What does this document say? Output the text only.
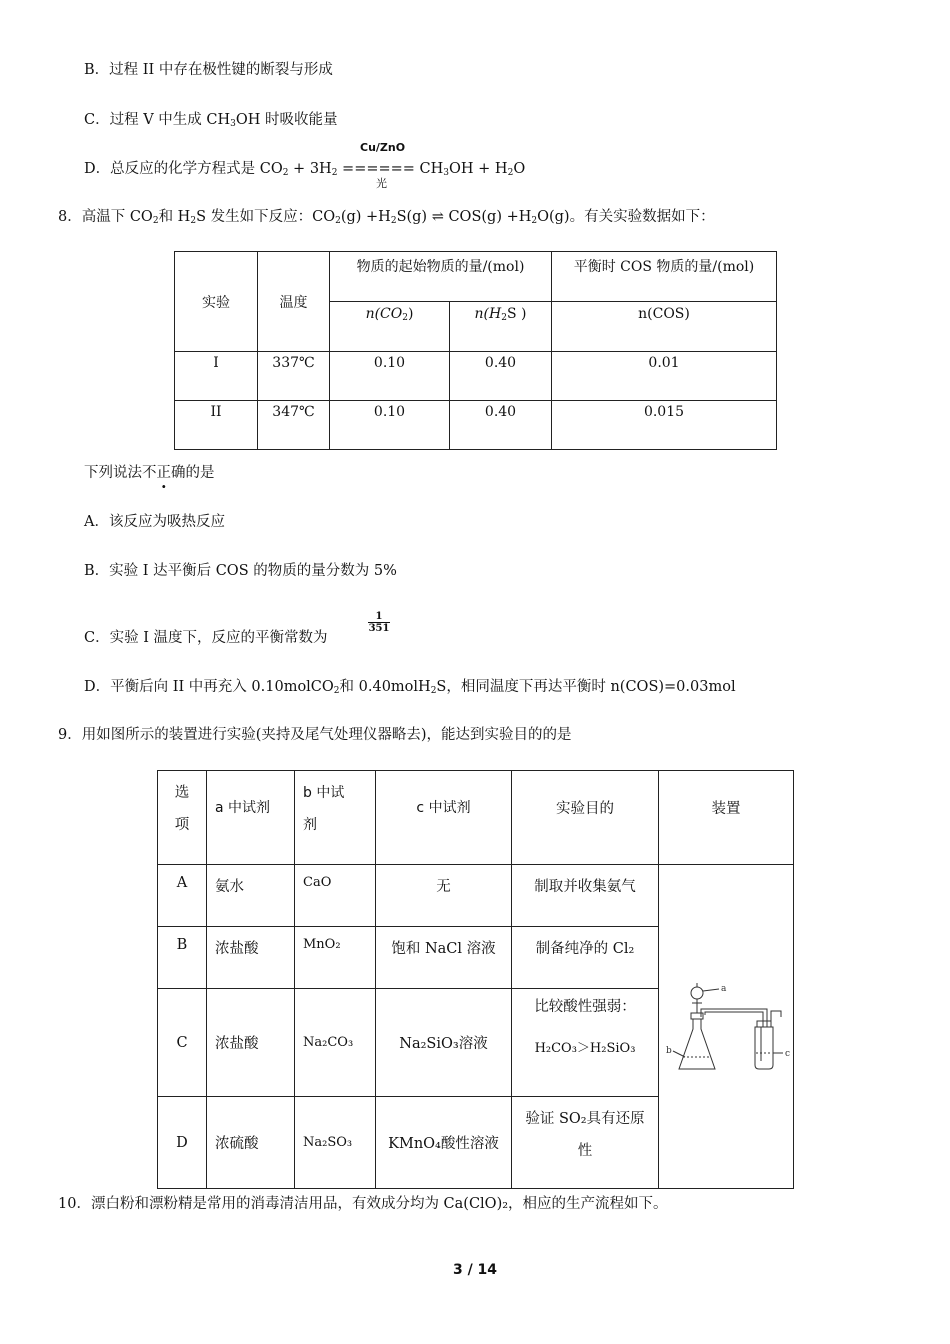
B．过程 II 中存在极性键的断裂与形成
C．过程 V 中生成 $CH_3OH$ 时吸收能量
Cu/ZnO
D．总反应的化学方程式是 $CO_2 + 3H_2$ ====== $CH_3OH + H_2O$
光
8．高温下 $CO_2$和 $H_2S$ 发生如下反应：$CO_2(g) +H_2S(g)$ ⇌ $COS(g) +H_2O(g)$。有关实验数据如下：
实验	温度	物质的起始物质的量/(mol)		平衡时 COS 物质的量/(mol)
		$n(CO_2)$	$n(H_2S$ )	n(COS)
I	337℃	0.10	0.40	0.01
II	347℃	0.10	0.40	0.015
下列说法不正确的是
A．该反应为吸热反应
B．实验 I 达平衡后 COS 的物质的量分数为 5%
C．实验 I 温度下，反应的平衡常数为
$\frac{1}{351}$
D．平衡后向 II 中再充入 0.10molCO$_2$和 0.40molH$_2$S，相同温度下再达平衡时 n(COS)=0.03mol
9．用如图所示的装置进行实验(夹持及尾气处理仪器略去)，能达到实验目的的是
选项	a 中试剂	b 中试剂	c 中试剂	实验目的	装置
A	氨水	CaO	无	制取并收集氨气	a
b c

B	浓盐酸	MnO₂	饱和 NaCl 溶液	制备纯净的 Cl₂	
C	浓盐酸	Na₂CO₃	Na₂SiO₃溶液	比较酸性强弱：
H₂CO₃＞H₂SiO₃	

D	浓硫酸	Na₂SO₃	KMnO₄酸性溶液	验证 SO₂具有还原
性	
10．漂白粉和漂粉精是常用的消毒清洁用品，有效成分均为 Ca(ClO)₂，相应的生产流程如下。
3 / 14
